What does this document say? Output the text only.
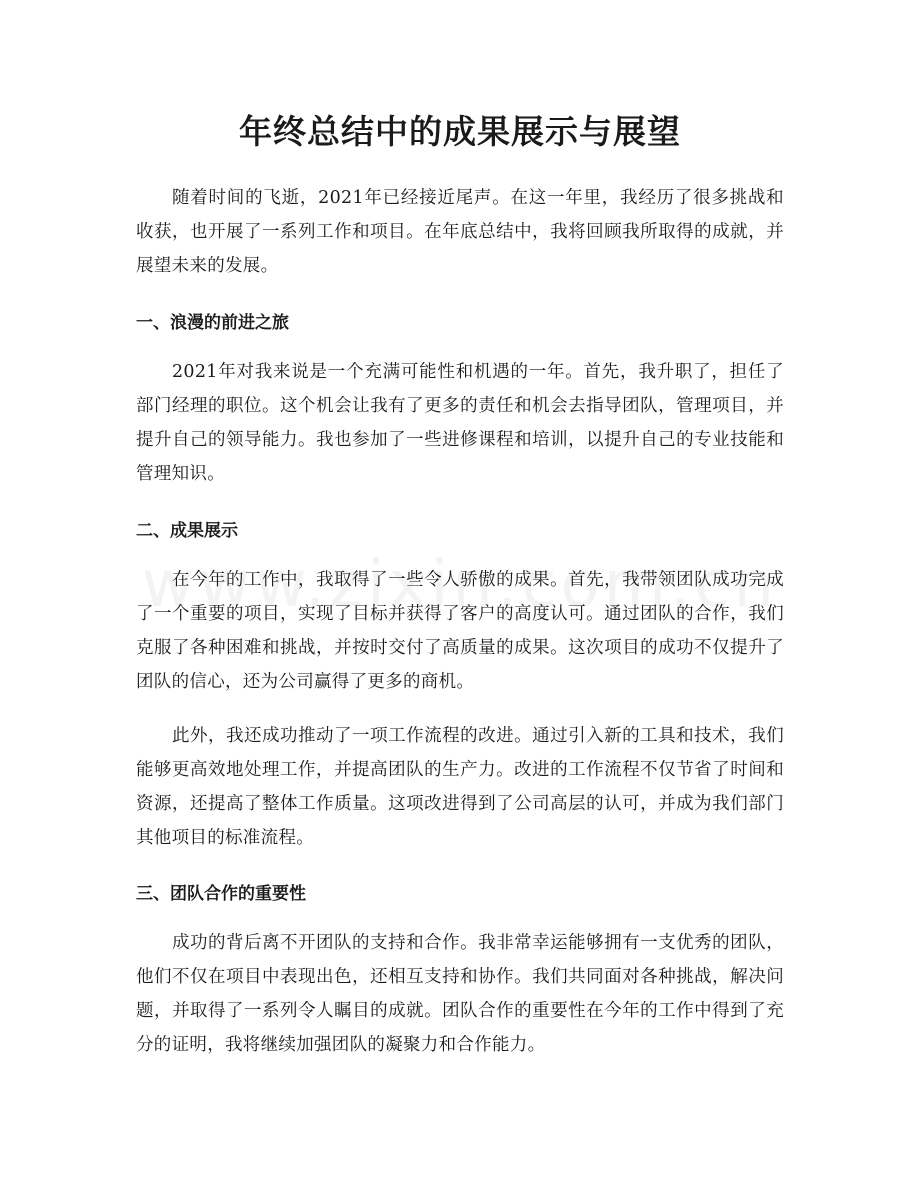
年终总结中的成果展示与展望

随着时间的飞逝，2021年已经接近尾声。在这一年里，我经历了很多挑战和收获，也开展了一系列工作和项目。在年底总结中，我将回顾我所取得的成就，并展望未来的发展。

一、浪漫的前进之旅

2021年对我来说是一个充满可能性和机遇的一年。首先，我升职了，担任了部门经理的职位。这个机会让我有了更多的责任和机会去指导团队，管理项目，并提升自己的领导能力。我也参加了一些进修课程和培训，以提升自己的专业技能和管理知识。

二、成果展示

在今年的工作中，我取得了一些令人骄傲的成果。首先，我带领团队成功完成了一个重要的项目，实现了目标并获得了客户的高度认可。通过团队的合作，我们克服了各种困难和挑战，并按时交付了高质量的成果。这次项目的成功不仅提升了团队的信心，还为公司赢得了更多的商机。

此外，我还成功推动了一项工作流程的改进。通过引入新的工具和技术，我们能够更高效地处理工作，并提高团队的生产力。改进的工作流程不仅节省了时间和资源，还提高了整体工作质量。这项改进得到了公司高层的认可，并成为我们部门其他项目的标准流程。

三、团队合作的重要性

成功的背后离不开团队的支持和合作。我非常幸运能够拥有一支优秀的团队，他们不仅在项目中表现出色，还相互支持和协作。我们共同面对各种挑战，解决问题，并取得了一系列令人瞩目的成就。团队合作的重要性在今年的工作中得到了充分的证明，我将继续加强团队的凝聚力和合作能力。
